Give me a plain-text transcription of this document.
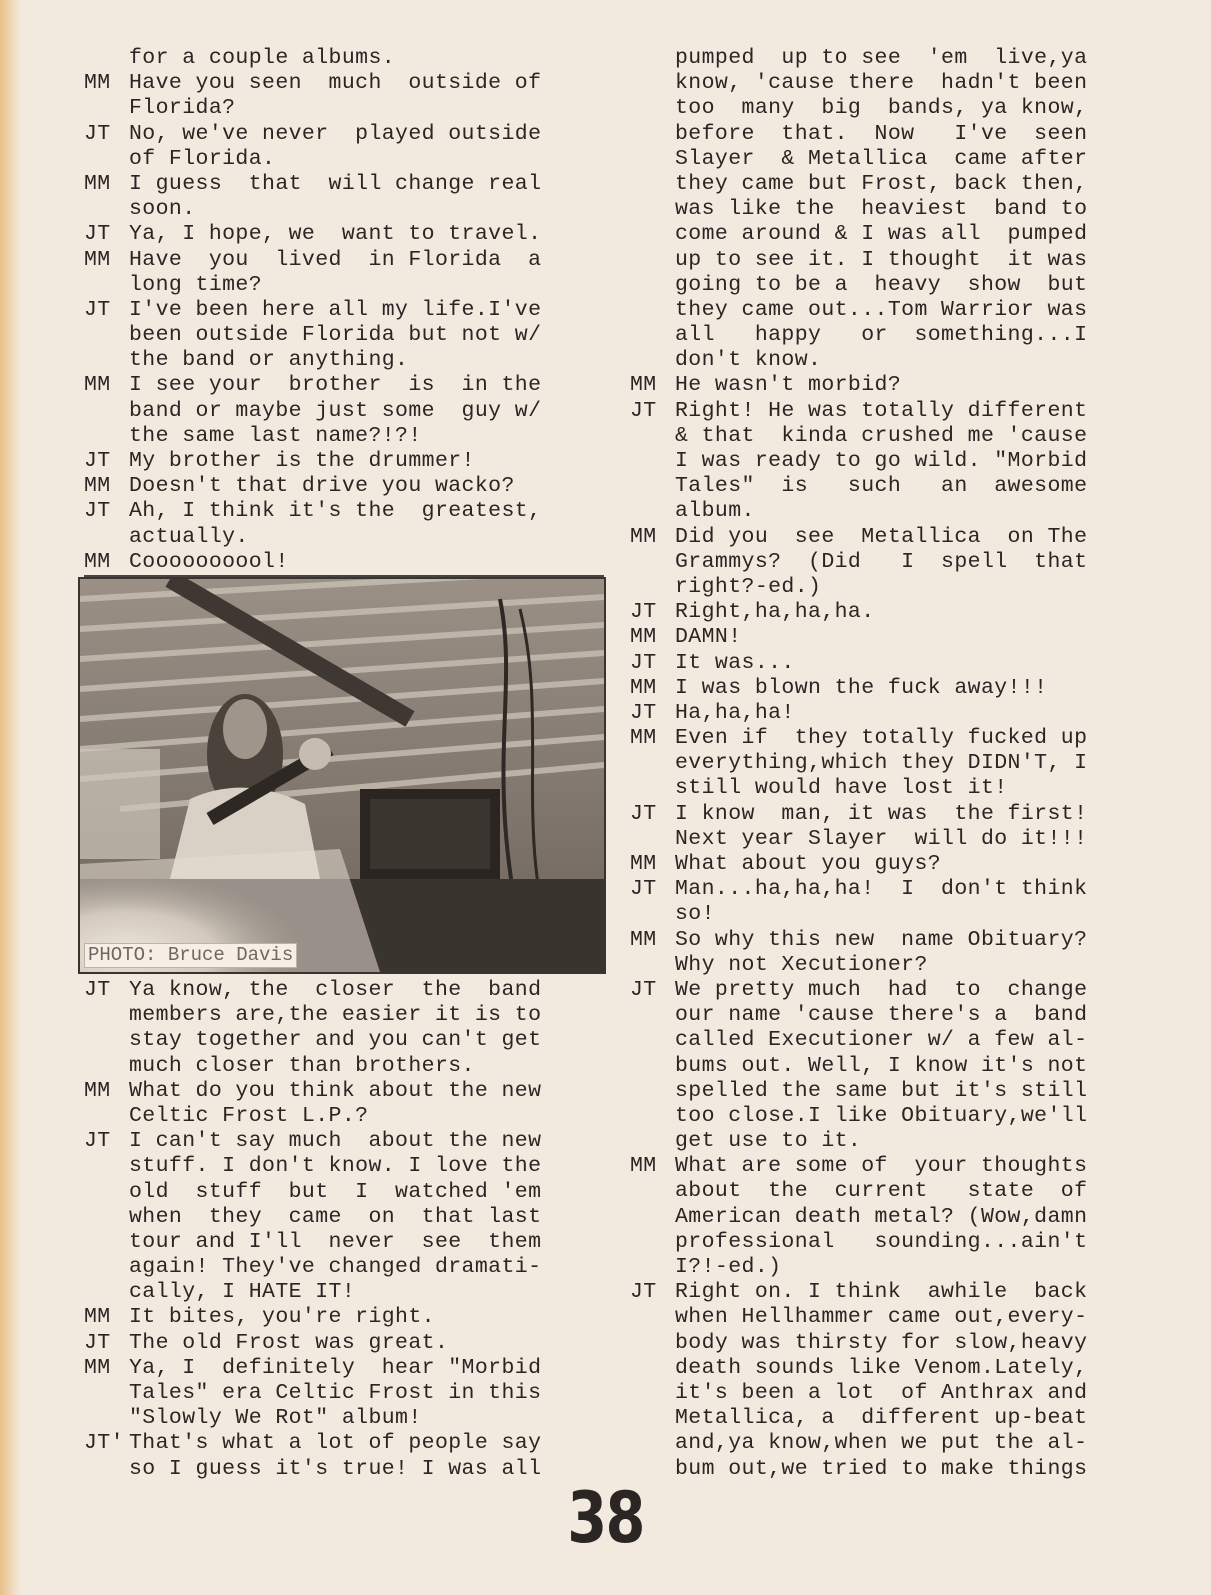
for a couple albums.
MM Have you seen  much  outside of
Florida?
JT No, we've never  played outside
of Florida.
MM I guess  that  will change real
soon.
JT Ya, I hope, we  want to travel.
MM Have  you  lived  in Florida  a
long time?
JT I've been here all my life.I've
been outside Florida but not w/
the band or anything.
MM I see your  brother  is  in the
band or maybe just some  guy w/
the same last name?!?!
JT My brother is the drummer!
MM Doesn't that drive you wacko?
JT Ah, I think it's the  greatest,
actually.
MM Coooooooool!
PHOTO: Bruce Davis
JT Ya know, the  closer  the  band
members are,the easier it is to
stay together and you can't get
much closer than brothers.
MM What do you think about the new
Celtic Frost L.P.?
JT I can't say much  about the new
stuff. I don't know. I love the
old  stuff  but  I  watched 'em
when  they  came  on  that last
tour and I'll  never  see  them
again! They've changed dramati-
cally, I HATE IT!
MM It bites, you're right.
JT The old Frost was great.
MM Ya, I  definitely  hear "Morbid
Tales" era Celtic Frost in this
"Slowly We Rot" album!
JT' That's what a lot of people say
so I guess it's true! I was all
pumped  up to see  'em  live,ya
know, 'cause there  hadn't been
too  many  big  bands, ya know,
before  that.  Now   I've  seen
Slayer  & Metallica  came after
they came but Frost, back then,
was like the  heaviest  band to
come around & I was all  pumped
up to see it. I thought  it was
going to be a  heavy  show  but
they came out...Tom Warrior was
all   happy   or  something...I
don't know.
MM He wasn't morbid?
JT Right! He was totally different
& that  kinda crushed me 'cause
I was ready to go wild. "Morbid
Tales"  is   such   an  awesome
album.
MM Did you  see  Metallica  on The
Grammys?  (Did   I  spell  that
right?-ed.)
JT Right,ha,ha,ha.
MM DAMN!
JT It was...
MM I was blown the fuck away!!!
JT Ha,ha,ha!
MM Even if  they totally fucked up
everything,which they DIDN'T, I
still would have lost it!
JT I know  man, it was  the first!
Next year Slayer  will do it!!!
MM What about you guys?
JT Man...ha,ha,ha!  I  don't think
so!
MM So why this new  name Obituary?
Why not Xecutioner?
JT We pretty much  had  to  change
our name 'cause there's a  band
called Executioner w/ a few al-
bums out. Well, I know it's not
spelled the same but it's still
too close.I like Obituary,we'll
get use to it.
MM What are some of  your thoughts
about  the  current   state  of
American death metal? (Wow,damn
professional   sounding...ain't
I?!-ed.)
JT Right on. I think  awhile  back
when Hellhammer came out,every-
body was thirsty for slow,heavy
death sounds like Venom.Lately,
it's been a lot  of Anthrax and
Metallica, a  different up-beat
and,ya know,when we put the al-
bum out,we tried to make things
38
